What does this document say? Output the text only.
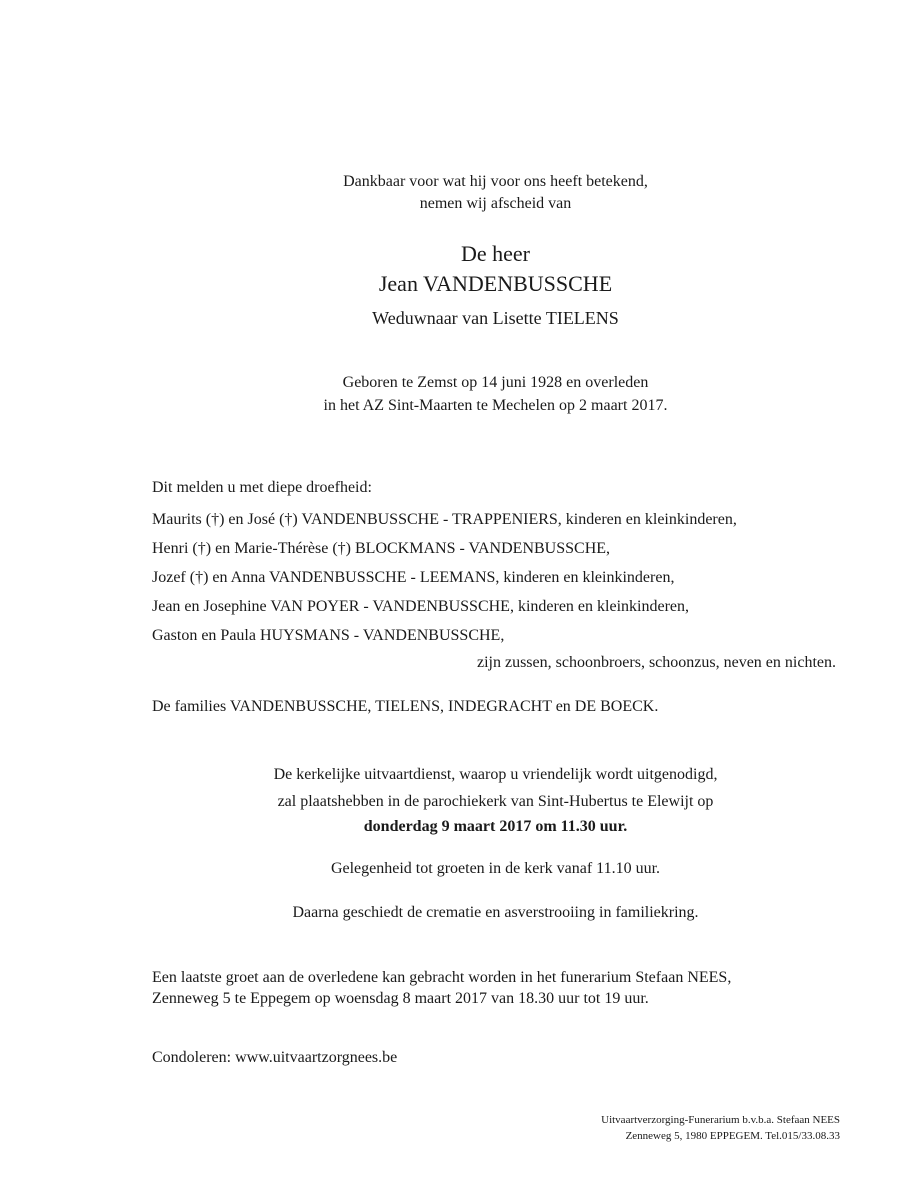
Dankbaar voor wat hij voor ons heeft betekend,
nemen wij afscheid van
De heer
Jean VANDENBUSSCHE
Weduwnaar van Lisette TIELENS
Geboren te Zemst op 14 juni 1928 en overleden
in het AZ Sint-Maarten te Mechelen op 2 maart 2017.
Dit melden u met diepe droefheid:
Maurits (†) en José (†) VANDENBUSSCHE - TRAPPENIERS, kinderen en kleinkinderen,
Henri (†) en Marie-Thérèse (†) BLOCKMANS - VANDENBUSSCHE,
Jozef (†) en Anna VANDENBUSSCHE - LEEMANS, kinderen en kleinkinderen,
Jean en Josephine VAN POYER - VANDENBUSSCHE, kinderen en kleinkinderen,
Gaston en Paula HUYSMANS - VANDENBUSSCHE,
zijn zussen, schoonbroers, schoonzus, neven en nichten.
De families VANDENBUSSCHE, TIELENS, INDEGRACHT en DE BOECK.
De kerkelijke uitvaartdienst, waarop u vriendelijk wordt uitgenodigd,
zal plaatshebben in de parochiekerk van Sint-Hubertus te Elewijt op
donderdag 9 maart 2017 om 11.30 uur.
Gelegenheid tot groeten in de kerk vanaf 11.10 uur.
Daarna geschiedt de crematie en asverstrooiing in familiekring.
Een laatste groet aan de overledene kan gebracht worden in het funerarium Stefaan NEES,
Zenneweg 5 te Eppegem op woensdag 8 maart 2017 van 18.30 uur tot 19 uur.
Condoleren: www.uitvaartzorgnees.be
Uitvaartverzorging-Funerarium b.v.b.a. Stefaan NEES
Zenneweg 5, 1980 EPPEGEM. Tel.015/33.08.33
